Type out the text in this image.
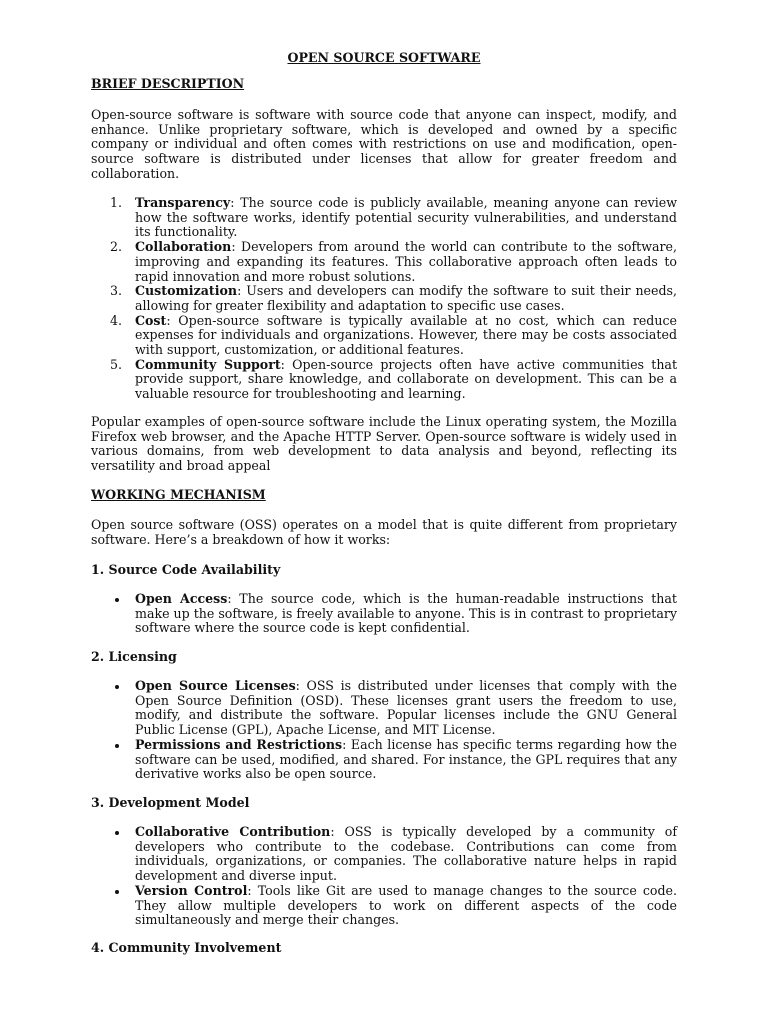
OPEN SOURCE SOFTWARE
BRIEF DESCRIPTION

Open-source software is software with source code that anyone can inspect, modify, and enhance. Unlike proprietary software, which is developed and owned by a specific company or individual and often comes with restrictions on use and modification, open-source software is distributed under licenses that allow for greater freedom and collaboration.

1. Transparency: The source code is publicly available, meaning anyone can review how the software works, identify potential security vulnerabilities, and understand its functionality.
2. Collaboration: Developers from around the world can contribute to the software, improving and expanding its features. This collaborative approach often leads to rapid innovation and more robust solutions.
3. Customization: Users and developers can modify the software to suit their needs, allowing for greater flexibility and adaptation to specific use cases.
4. Cost: Open-source software is typically available at no cost, which can reduce expenses for individuals and organizations. However, there may be costs associated with support, customization, or additional features.
5. Community Support: Open-source projects often have active communities that provide support, share knowledge, and collaborate on development. This can be a valuable resource for troubleshooting and learning.

Popular examples of open-source software include the Linux operating system, the Mozilla Firefox web browser, and the Apache HTTP Server. Open-source software is widely used in various domains, from web development to data analysis and beyond, reflecting its versatility and broad appeal

WORKING MECHANISM

Open source software (OSS) operates on a model that is quite different from proprietary software. Here’s a breakdown of how it works:

1. Source Code Availability
Open Access: The source code, which is the human-readable instructions that make up the software, is freely available to anyone. This is in contrast to proprietary software where the source code is kept confidential.
2. Licensing
Open Source Licenses: OSS is distributed under licenses that comply with the Open Source Definition (OSD). These licenses grant users the freedom to use, modify, and distribute the software. Popular licenses include the GNU General Public License (GPL), Apache License, and MIT License.
Permissions and Restrictions: Each license has specific terms regarding how the software can be used, modified, and shared. For instance, the GPL requires that any derivative works also be open source.
3. Development Model
Collaborative Contribution: OSS is typically developed by a community of developers who contribute to the codebase. Contributions can come from individuals, organizations, or companies. The collaborative nature helps in rapid development and diverse input.
Version Control: Tools like Git are used to manage changes to the source code. They allow multiple developers to work on different aspects of the code simultaneously and merge their changes.
4. Community Involvement
